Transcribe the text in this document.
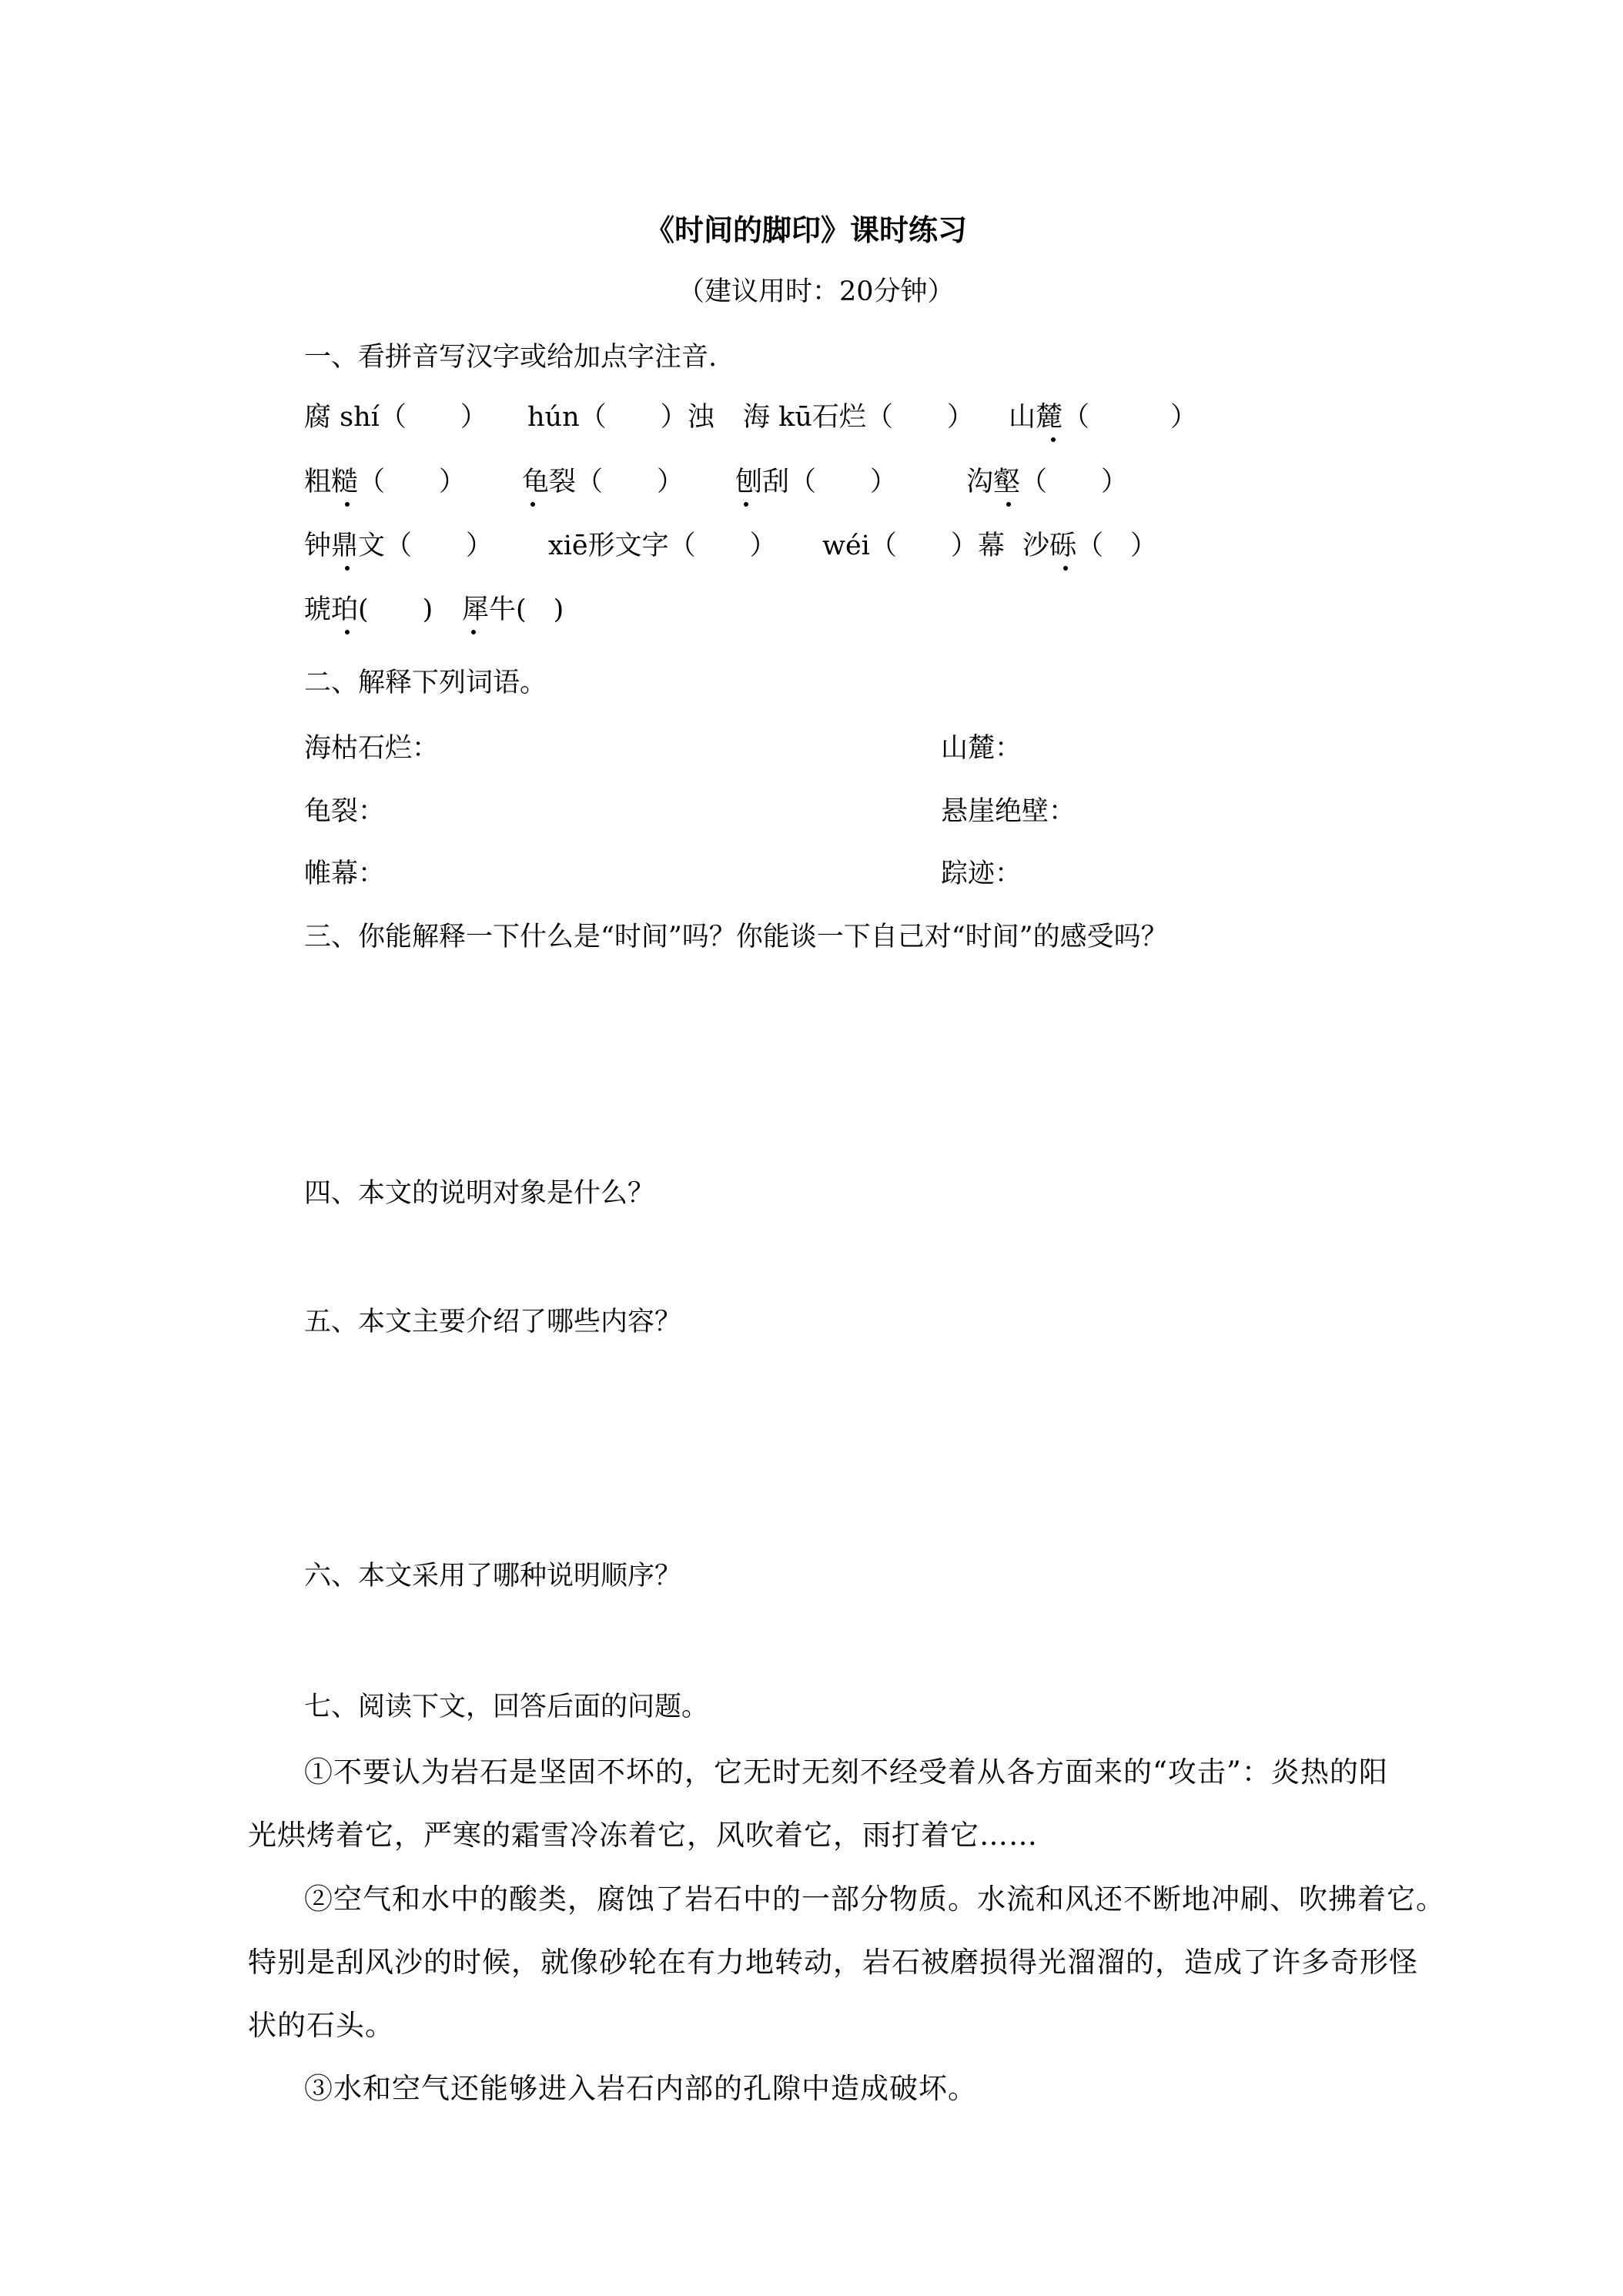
《时间的脚印》课时练习
（建议用时：20分钟）
一、看拼音写汉字或给加点字注音.
腐 shí（　　） hún（　　）浊 海 kū石烂（　　） 山麓（　　　）
粗糙（　　） 龟裂（　　） 刨刮（　　）	沟壑（　　）
钟鼎文（　　） xiē形文字（　　） wéi（　　）幕 沙砾（　）
琥珀(　　) 犀牛(　)
二、解释下列词语。
海枯石烂：	山麓：
龟裂：	悬崖绝壁：
帷幕：	踪迹：
三、你能解释一下什么是“时间”吗？你能谈一下自己对“时间”的感受吗？
四、本文的说明对象是什么？
五、本文主要介绍了哪些内容？
六、本文采用了哪种说明顺序？
七、阅读下文，回答后面的问题。
①不要认为岩石是坚固不坏的，它无时无刻不经受着从各方面来的“攻击”：炎热的阳
光烘烤着它，严寒的霜雪冷冻着它，风吹着它，雨打着它……
②空气和水中的酸类，腐蚀了岩石中的一部分物质。水流和风还不断地冲刷、吹拂着它。
特别是刮风沙的时候，就像砂轮在有力地转动，岩石被磨损得光溜溜的，造成了许多奇形怪
状的石头。
③水和空气还能够进入岩石内部的孔隙中造成破坏。
